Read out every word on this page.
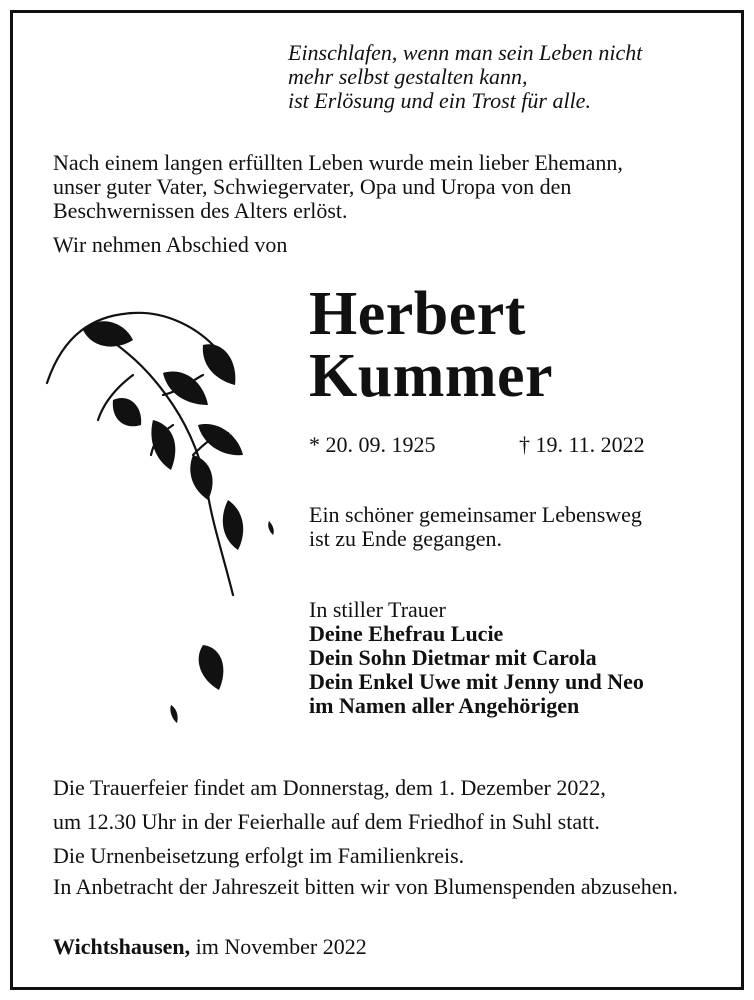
Einschlafen, wenn man sein Leben nicht
mehr selbst gestalten kann,
ist Erlösung und ein Trost für alle.
Nach einem langen erfüllten Leben wurde mein lieber Ehemann,
unser guter Vater, Schwiegervater, Opa und Uropa von den
Beschwernissen des Alters erlöst.
Wir nehmen Abschied von
Herbert
Kummer
* 20. 09. 1925	† 19. 11. 2022
Ein schöner gemeinsamer Lebensweg
ist zu Ende gegangen.
In stiller Trauer
Deine Ehefrau Lucie
Dein Sohn Dietmar mit Carola
Dein Enkel Uwe mit Jenny und Neo
im Namen aller Angehörigen
Die Trauerfeier findet am Donnerstag, dem 1. Dezember 2022,
um 12.30 Uhr in der Feierhalle auf dem Friedhof in Suhl statt.
Die Urnenbeisetzung erfolgt im Familienkreis.
In Anbetracht der Jahreszeit bitten wir von Blumenspenden abzusehen.
Wichtshausen, im November 2022
